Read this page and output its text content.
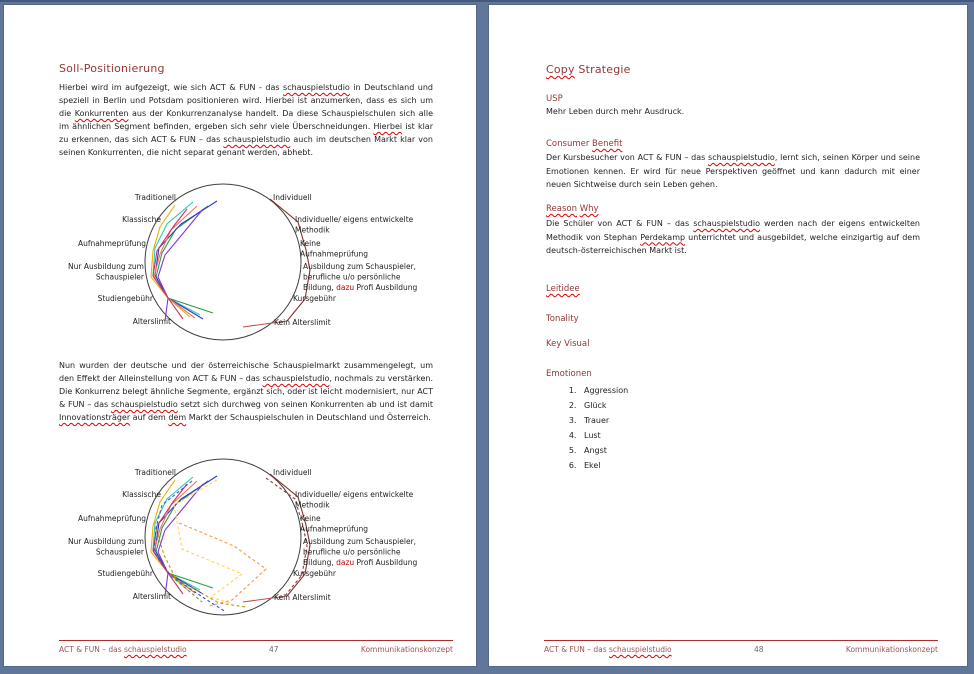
Soll-Positionierung

Hierbei wird im aufgezeigt, wie sich ACT & FUN - das schauspielstudio in Deutschland und speziell in Berlin und Potsdam positionieren wird. Hierbei ist anzumerken, dass es sich um die Konkurrenten aus der Konkurrenzanalyse handelt. Da diese Schauspielschulen sich alle im ähnlichen Segment befinden, ergeben sich sehr viele Überschneidungen. Hierbei ist klar zu erkennen, das sich ACT & FUN – das schauspielstudio auch im deutschen Markt klar von seinen Konkurrenten, die nicht separat genant werden, abhebt.

Traditionell
Klassische
Aufnahmeprüfung
Nur Ausbildung zum Schauspieler
Studiengebühr
Alterslimit
Individuell
Individuelle/ eigens entwickelte Methodik
Keine Aufnahmeprüfung
Ausbildung zum Schauspieler, berufliche u/o persönliche Bildung, dazu Profi Ausbildung
Kursgebühr
Kein Alterslimit

Nun wurden der deutsche und der österreichische Schauspielmarkt zusammengelegt, um den Effekt der Alleinstellung von ACT & FUN – das schauspielstudio, nochmals zu verstärken. Die Konkurrenz belegt ähnliche Segmente, ergänzt sich, oder ist leicht modernisiert, nur ACT & FUN – das schauspielstudio setzt sich durchweg von seinen Konkurrenten ab und ist damit Innovationsträger auf dem dem Markt der Schauspielschulen in Deutschland und Österreich.

Traditionell
Klassische
Aufnahmeprüfung
Nur Ausbildung zum Schauspieler
Studiengebühr
Alterslimit
Individuell
Individuelle/ eigens entwickelte Methodik
Keine Aufnahmeprüfung
Ausbildung zum Schauspieler, berufliche u/o persönliche Bildung, dazu Profi Ausbildung
Kursgebühr
Kein Alterslimit
ACT & FUN – das schauspielstudio	47	Kommunikationskonzept
Copy Strategie
USP

Mehr Leben durch mehr Ausdruck.

Consumer Benefit

Der Kursbesucher von ACT & FUN – das schauspielstudio, lernt sich, seinen Körper und seine Emotionen kennen. Er wird für neue Perspektiven geöffnet und kann dadurch mit einer neuen Sichtweise durch sein Leben gehen.

Reason Why

Die Schüler von ACT & FUN – das schauspielstudio werden nach der eigens entwickelten Methodik von Stephan Perdekamp unterrichtet und ausgebildet, welche einzigartig auf dem deutsch-österreichischen Markt ist.

Leitidee
Tonality
Key Visual
Emotionen
1. Aggression
2. Glück
3. Trauer
4. Lust
5. Angst
6. Ekel
ACT & FUN – das schauspielstudio	48	Kommunikationskonzept
